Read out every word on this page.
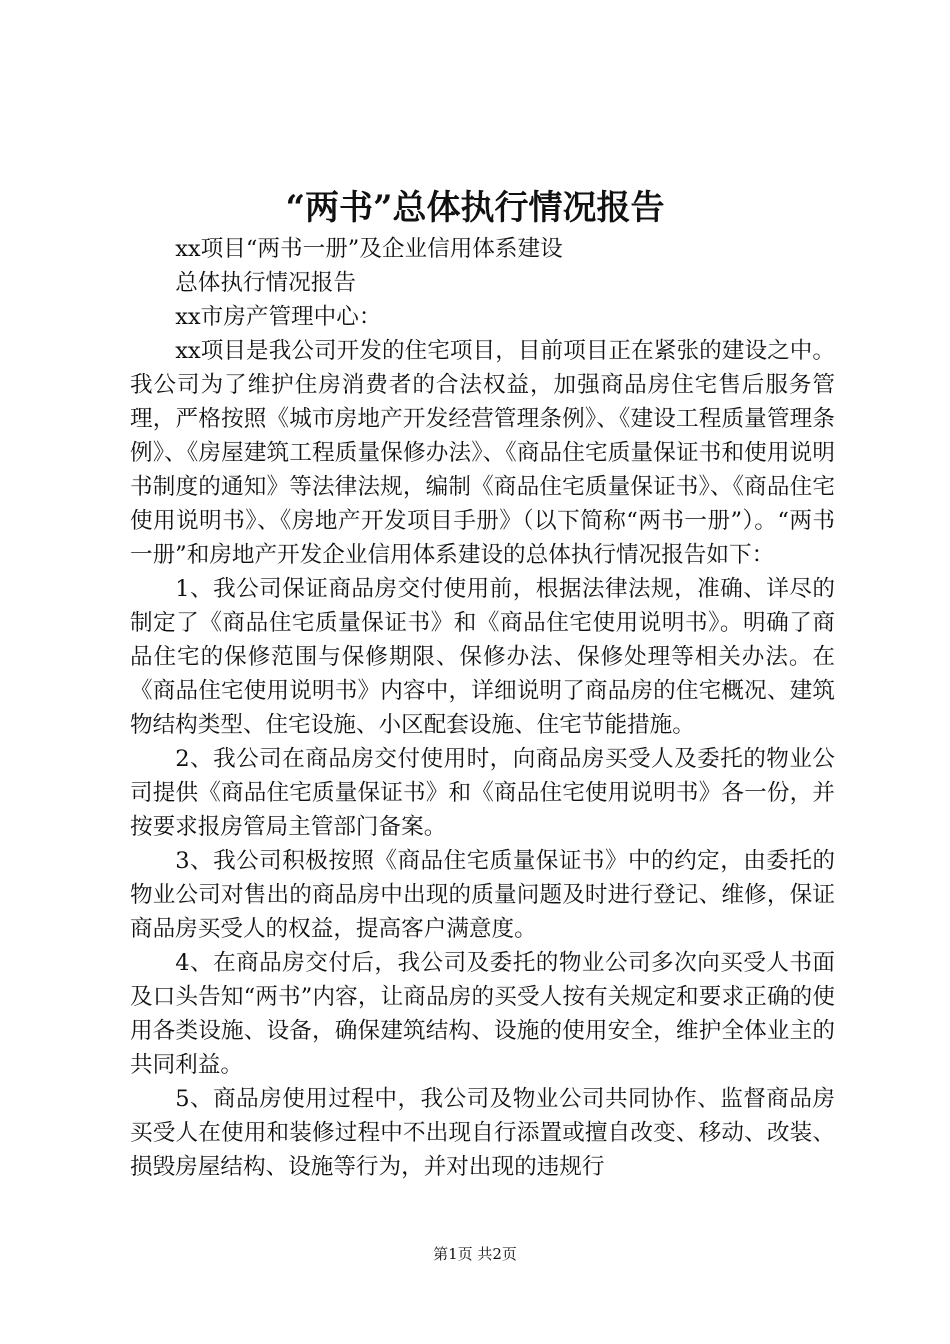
“两书”总体执行情况报告

xx项目“两书一册”及企业信用体系建设

总体执行情况报告

xx市房产管理中心：

xx项目是我公司开发的住宅项目，目前项目正在紧张的建设之中。我公司为了维护住房消费者的合法权益，加强商品房住宅售后服务管理，严格按照《城市房地产开发经营管理条例》、《建设工程质量管理条例》、《房屋建筑工程质量保修办法》、《商品住宅质量保证书和使用说明书制度的通知》等法律法规，编制《商品住宅质量保证书》、《商品住宅使用说明书》、《房地产开发项目手册》（以下简称“两书一册”）。“两书一册”和房地产开发企业信用体系建设的总体执行情况报告如下：

1、我公司保证商品房交付使用前，根据法律法规，准确、详尽的制定了《商品住宅质量保证书》和《商品住宅使用说明书》。明确了商品住宅的保修范围与保修期限、保修办法、保修处理等相关办法。在《商品住宅使用说明书》内容中，详细说明了商品房的住宅概况、建筑物结构类型、住宅设施、小区配套设施、住宅节能措施。

2、我公司在商品房交付使用时，向商品房买受人及委托的物业公司提供《商品住宅质量保证书》和《商品住宅使用说明书》各一份，并按要求报房管局主管部门备案。

3、我公司积极按照《商品住宅质量保证书》中的约定，由委托的物业公司对售出的商品房中出现的质量问题及时进行登记、维修，保证商品房买受人的权益，提高客户满意度。

4、在商品房交付后，我公司及委托的物业公司多次向买受人书面及口头告知“两书”内容，让商品房的买受人按有关规定和要求正确的使用各类设施、设备，确保建筑结构、设施的使用安全，维护全体业主的共同利益。

5、商品房使用过程中，我公司及物业公司共同协作、监督商品房买受人在使用和装修过程中不出现自行添置或擅自改变、移动、改装、损毁房屋结构、设施等行为，并对出现的违规行

第1页 共2页
